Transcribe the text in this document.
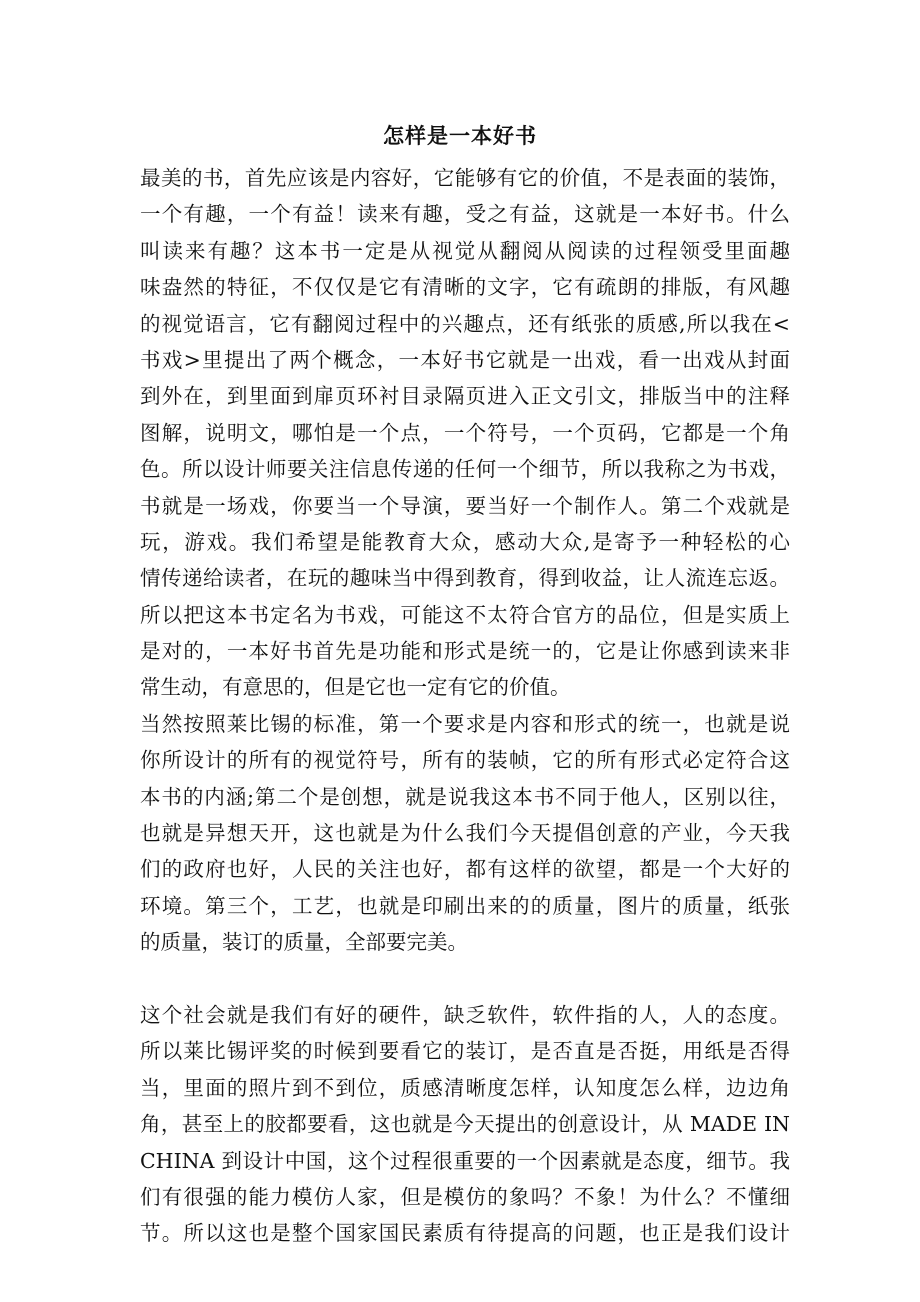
怎样是一本好书
最美的书，首先应该是内容好，它能够有它的价值，不是表面的装饰，
一个有趣，一个有益！读来有趣，受之有益，这就是一本好书。什么
叫读来有趣？这本书一定是从视觉从翻阅从阅读的过程领受里面趣
味盎然的特征，不仅仅是它有清晰的文字，它有疏朗的排版，有风趣
的视觉语言，它有翻阅过程中的兴趣点，还有纸张的质感,所以我在<
书戏>里提出了两个概念，一本好书它就是一出戏，看一出戏从封面
到外在，到里面到扉页环衬目录隔页进入正文引文，排版当中的注释
图解，说明文，哪怕是一个点，一个符号，一个页码，它都是一个角
色。所以设计师要关注信息传递的任何一个细节，所以我称之为书戏，
书就是一场戏，你要当一个导演，要当好一个制作人。第二个戏就是
玩，游戏。我们希望是能教育大众，感动大众,是寄予一种轻松的心
情传递给读者，在玩的趣味当中得到教育，得到收益，让人流连忘返。
所以把这本书定名为书戏，可能这不太符合官方的品位，但是实质上
是对的，一本好书首先是功能和形式是统一的，它是让你感到读来非
常生动，有意思的，但是它也一定有它的价值。
当然按照莱比锡的标准，第一个要求是内容和形式的统一，也就是说
你所设计的所有的视觉符号，所有的装帧，它的所有形式必定符合这
本书的内涵;第二个是创想，就是说我这本书不同于他人，区别以往，
也就是异想天开，这也就是为什么我们今天提倡创意的产业，今天我
们的政府也好，人民的关注也好，都有这样的欲望，都是一个大好的
环境。第三个，工艺，也就是印刷出来的的质量，图片的质量，纸张
的质量，装订的质量，全部要完美。
这个社会就是我们有好的硬件，缺乏软件，软件指的人，人的态度。
所以莱比锡评奖的时候到要看它的装订，是否直是否挺，用纸是否得
当，里面的照片到不到位，质感清晰度怎样，认知度怎么样，边边角
角，甚至上的胶都要看，这也就是今天提出的创意设计，从 MADE IN
CHINA 到设计中国，这个过程很重要的一个因素就是态度，细节。我
们有很强的能力模仿人家，但是模仿的象吗？不象！为什么？不懂细
节。所以这也是整个国家国民素质有待提高的问题，也正是我们设计
